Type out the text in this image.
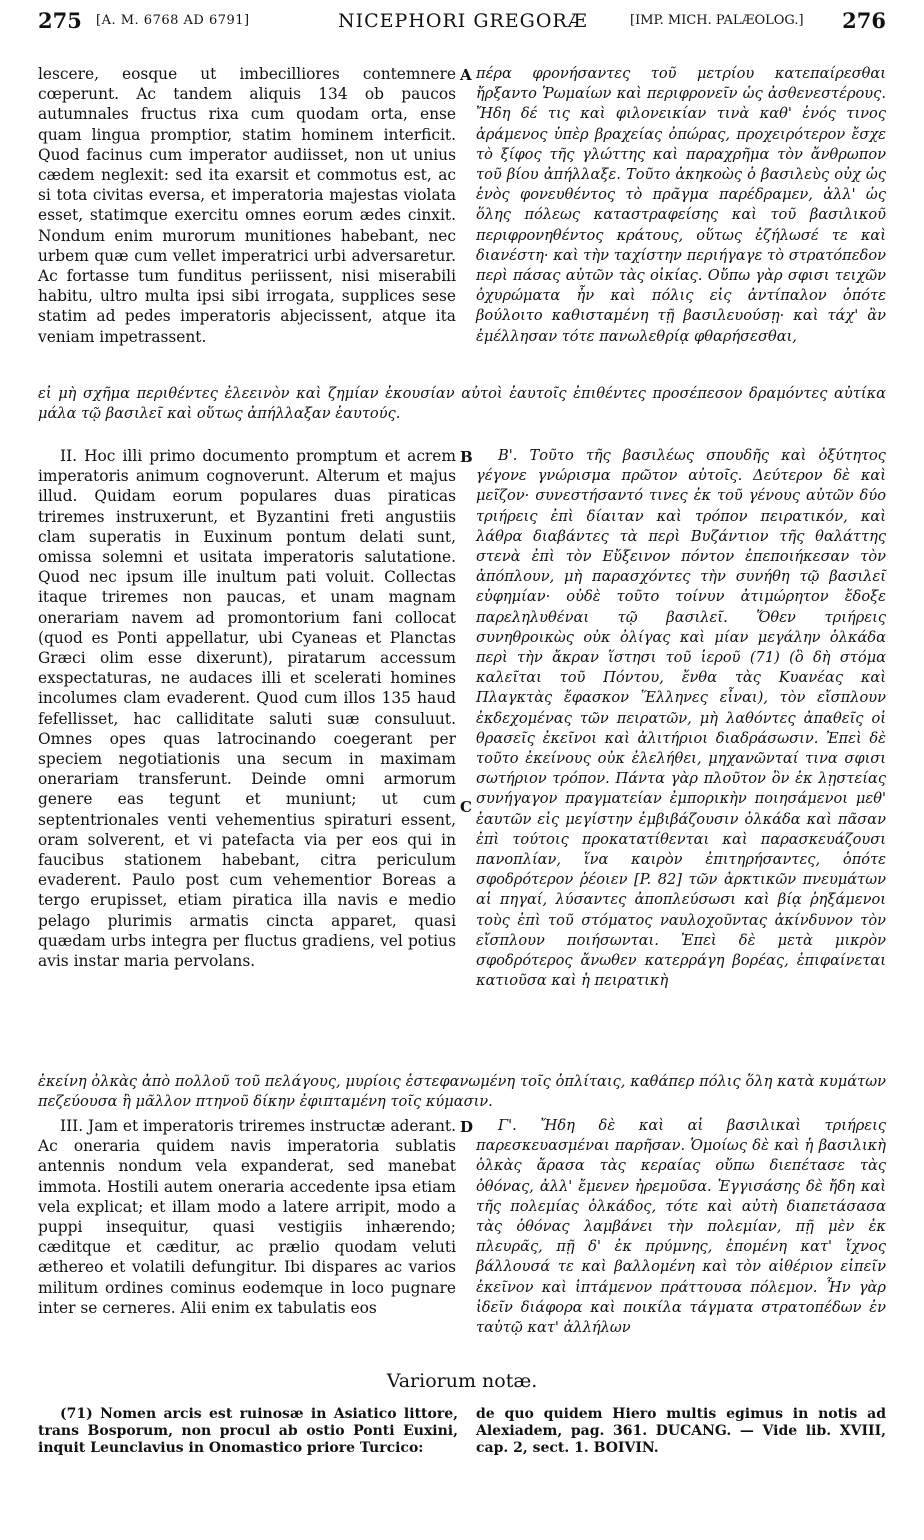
275 [A. M. 6768 AD 6791]	NICEPHORI GREGORÆ	[IMP. MICH. PALÆOLOG.] 276

lescere, eosque ut imbecilliores contemnere cœperunt. Ac tandem aliquis 134 ob paucos autumnales fructus rixa cum quodam orta, ense quam lingua promptior, statim hominem interficit. Quod facinus cum imperator audiisset, non ut unius cædem neglexit: sed ita exarsit et commotus est, ac si tota civitas eversa, et imperatoria majestas violata esset, statimque exercitu omnes eorum ædes cinxit. Nondum enim murorum munitiones habebant, nec urbem quæ cum vellet imperatrici urbi adversaretur. Ac fortasse tum funditus periissent, nisi miserabili habitu, ultro multa ipsi sibi irrogata, supplices sese statim ad pedes imperatoris abjecissent, atque ita veniam impetrassent.

A πέρα φρονήσαντες τοῦ μετρίου κατεπαίρεσθαι ἤρξαντο Ῥωμαίων καὶ περιφρονεῖν ὡς ἀσθενεστέρους. Ἤδη δέ τις καὶ φιλονεικίαν τινὰ καθ' ἑνός τινος ἀράμενος ὑπὲρ βραχείας ὀπώρας, προχειρότερον ἔσχε τὸ ξίφος τῆς γλώττης καὶ παραχρῆμα τὸν ἄνθρωπον τοῦ βίου ἀπήλλαξε. Τοῦτο ἀκηκοὼς ὁ βασιλεὺς οὐχ ὡς ἑνὸς φονευθέντος τὸ πρᾶγμα παρέδραμεν, ἀλλ' ὡς ὅλης πόλεως καταστραφείσης καὶ τοῦ βασιλικοῦ περιφρονηθέντος κράτους, οὕτως ἐζήλωσέ τε καὶ διανέστη· καὶ τὴν ταχίστην περιήγαγε τὸ στρατόπεδον περὶ πάσας αὐτῶν τὰς οἰκίας. Οὔπω γὰρ σφισι τειχῶν ὀχυρώματα ἦν καὶ πόλις εἰς ἀντίπαλον ὁπότε βούλοιτο καθισταμένη τῇ βασιλευούσῃ· καὶ τάχ' ἂν ἐμέλλησαν τότε πανωλεθρίᾳ φθαρήσεσθαι,

εἰ μὴ σχῆμα περιθέντες ἐλεεινὸν καὶ ζημίαν ἑκουσίαν αὐτοὶ ἑαυτοῖς ἐπιθέντες προσέπεσον δραμόντες αὐτίκα μάλα τῷ βασιλεῖ καὶ οὕτως ἀπήλλαξαν ἑαυτούς.

II. Hoc illi primo documento promptum et acrem imperatoris animum cognoverunt. Alterum et majus illud. Quidam eorum populares duas piraticas triremes instruxerunt, et Byzantini freti angustiis clam superatis in Euxinum pontum delati sunt, omissa solemni et usitata imperatoris salutatione. Quod nec ipsum ille inultum pati voluit. Collectas itaque triremes non paucas, et unam magnam onerariam navem ad promontorium fani collocat (quod es Ponti appellatur, ubi Cyaneas et Planctas Græci olim esse dixerunt), piratarum accessum exspectaturas, ne audaces illi et scelerati homines incolumes clam evaderent. Quod cum illos 135 haud fefellisset, hac calliditate saluti suæ consuluut. Omnes opes quas latrocinando coegerant per speciem negotiationis una secum in maximam onerariam transferunt. Deinde omni armorum genere eas tegunt et muniunt; ut cum septentrionales venti vehementius spiraturi essent, oram solverent, et vi patefacta via per eos qui in faucibus stationem habebant, citra periculum evaderent. Paulo post cum vehementior Boreas a tergo erupisset, etiam piratica illa navis e medio pelago plurimis armatis cincta apparet, quasi quædam urbs integra per fluctus gradiens, vel potius avis instar maria pervolans.

B
C

Β'. Τοῦτο τῆς βασιλέως σπουδῆς καὶ ὀξύτητος γέγονε γνώρισμα πρῶτον αὐτοῖς. Δεύτερον δὲ καὶ μεῖζον· συνεστήσαντό τινες ἐκ τοῦ γένους αὐτῶν δύο τριήρεις ἐπὶ δίαιταν καὶ τρόπον πειρατικόν, καὶ λάθρα διαβάντες τὰ περὶ Βυζάντιον τῆς θαλάττης στενὰ ἐπὶ τὸν Εὔξεινον πόντον ἐπεποιήκεσαν τὸν ἀπόπλουν, μὴ παρασχόντες τὴν συνήθη τῷ βασιλεῖ εὐφημίαν· οὐδὲ τοῦτο τοίνυν ἀτιμώρητον ἔδοξε παρεληλυθέναι τῷ βασιλεῖ. Ὅθεν τριήρεις συνηθροικὼς οὐκ ὀλίγας καὶ μίαν μεγάλην ὁλκάδα περὶ τὴν ἄκραν ἵστησι τοῦ ἱεροῦ (71) (ὃ δὴ στόμα καλεῖται τοῦ Πόντου, ἔνθα τὰς Κυανέας καὶ Πλαγκτὰς ἔφασκον Ἕλληνες εἶναι), τὸν εἴσπλουν ἐκδεχομένας τῶν πειρατῶν, μὴ λαθόντες ἀπαθεῖς οἱ θρασεῖς ἐκεῖνοι καὶ ἀλιτήριοι διαδράσωσιν. Ἐπεὶ δὲ τοῦτο ἐκείνους οὐκ ἐλελήθει, μηχανῶνταί τινα σφισι σωτήριον τρόπον. Πάντα γὰρ πλοῦτον ὃν ἐκ λῃστείας συνήγαγον πραγματείαν ἐμπορικὴν ποιησάμενοι μεθ' ἑαυτῶν εἰς μεγίστην ἐμβιβάζουσιν ὁλκάδα καὶ πᾶσαν ἐπὶ τούτοις προκατατίθενται καὶ παρασκευάζουσι πανοπλίαν, ἵνα καιρὸν ἐπιτηρήσαντες, ὁπότε σφοδρότερον ῥέοιεν [P. 82] τῶν ἀρκτικῶν πνευμάτων αἱ πηγαί, λύσαντες ἀποπλεύσωσι καὶ βίᾳ ῥηξάμενοι τοὺς ἐπὶ τοῦ στόματος ναυλοχοῦντας ἀκίνδυνον τὸν εἴσπλουν ποιήσωνται. Ἐπεὶ δὲ μετὰ μικρὸν σφοδρότερος ἄνωθεν κατερράγη βορέας, ἐπιφαίνεται κατιοῦσα καὶ ἡ πειρατικὴ

ἐκείνη ὁλκὰς ἀπὸ πολλοῦ τοῦ πελάγους, μυρίοις ἐστεφανωμένη τοῖς ὁπλίταις, καθάπερ πόλις ὅλη κατὰ κυμάτων πεζεύουσα ἢ μᾶλλον πτηνοῦ δίκην ἐφιπταμένη τοῖς κύμασιν.

III. Jam et imperatoris triremes instructæ aderant. Ac oneraria quidem navis imperatoria sublatis antennis nondum vela expanderat, sed manebat immota. Hostili autem oneraria accedente ipsa etiam vela explicat; et illam modo a latere arripit, modo a puppi insequitur, quasi vestigiis inhærendo; cæditque et cæditur, ac prælio quodam veluti æthereo et volatili defungitur. Ibi dispares ac varios militum ordines cominus eodemque in loco pugnare inter se cerneres. Alii enim ex tabulatis eos

D	Γ'. Ἤδη δὲ καὶ αἱ βασιλικαὶ τριήρεις παρεσκευασμέναι παρῆσαν. Ὁμοίως δὲ καὶ ἡ βασιλικὴ ὁλκὰς ἄρασα τὰς κεραίας οὔπω διεπέτασε τὰς ὀθόνας, ἀλλ' ἔμενεν ἠρεμοῦσα. Ἐγγισάσης δὲ ἤδη καὶ τῆς πολεμίας ὁλκάδος, τότε καὶ αὐτὴ διαπετάσασα τὰς ὀθόνας λαμβάνει τὴν πολεμίαν, πῇ μὲν ἐκ πλευρᾶς, πῇ δ' ἐκ πρύμνης, ἑπομένη κατ' ἴχνος βάλλουσά τε καὶ βαλλομένη καὶ τὸν αἰθέριον εἰπεῖν ἐκεῖνον καὶ ἱπτάμενον πράττουσα πόλεμον. Ἦν γὰρ ἰδεῖν διάφορα καὶ ποικίλα τάγματα στρατοπέδων ἐν ταὐτῷ κατ' ἀλλήλων

Variorum notæ.

(71) Nomen arcis est ruinosæ in Asiatico littore, trans Bosporum, non procul ab ostio Ponti Euxini, inquit Leunclavius in Onomastico priore Turcico:

de quo quidem Hiero multis egimus in notis ad Alexiadem, pag. 361. DUCANG. — Vide lib. XVIII, cap. 2, sect. 1. BOIVIN.
